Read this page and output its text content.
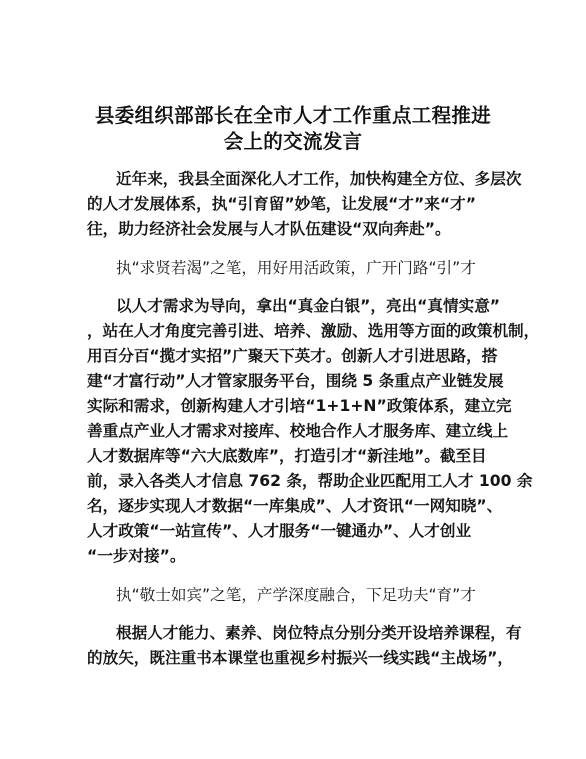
县委组织部部长在全市人才工作重点工程推进
会上的交流发言
近年来，我县全面深化人才工作，加快构建全方位、多层次
的人才发展体系，执“引育留”妙笔，让发展“才”来“才”
往，助力经济社会发展与人才队伍建设“双向奔赴”。
执“求贤若渴”之笔，用好用活政策，广开门路“引”才
以人才需求为导向，拿出“真金白银”，亮出“真情实意”
，站在人才角度完善引进、培养、激励、选用等方面的政策机制，
用百分百“揽才实招”广聚天下英才。创新人才引进思路，搭
建“才富行动”人才管家服务平台，围绕 5 条重点产业链发展
实际和需求，创新构建人才引培“1+1+N”政策体系，建立完
善重点产业人才需求对接库、校地合作人才服务库、建立线上
人才数据库等“六大底数库”，打造引才“新洼地”。截至目
前，录入各类人才信息 762 条，帮助企业匹配用工人才 100 余
名，逐步实现人才数据“一库集成”、人才资讯“一网知晓”、
人才政策“一站宣传”、人才服务“一键通办”、人才创业
“一步对接”。
执“敬士如宾”之笔，产学深度融合，下足功夫“育”才
根据人才能力、素养、岗位特点分别分类开设培养课程，有
的放矢，既注重书本课堂也重视乡村振兴一线实践“主战场”，
